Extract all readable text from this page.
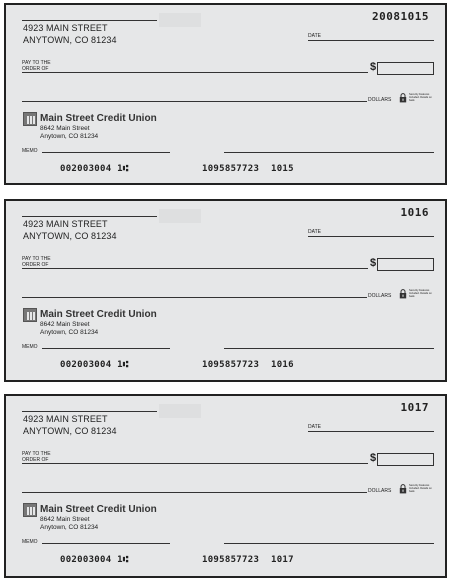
4923 MAIN STREET
ANYTOWN, CO 81234
20081015
DATE
PAY TO THE ORDER OF	$
DOLLARS
Security Features Included. Details on back.
Main Street Credit Union
8642 Main Street
Anytown, CO 81234
MEMO
002003004 1⑆	1095857723 1015
4923 MAIN STREET
ANYTOWN, CO 81234
1016
DATE
PAY TO THE ORDER OF	$
DOLLARS
Security Features Included. Details on back.
Main Street Credit Union
8642 Main Street
Anytown, CO 81234
MEMO
002003004 1⑆	1095857723 1016
4923 MAIN STREET
ANYTOWN, CO 81234
1017
DATE
PAY TO THE ORDER OF	$
DOLLARS
Security Features Included. Details on back.
Main Street Credit Union
8642 Main Street
Anytown, CO 81234
MEMO
002003004 1⑆	1095857723 1017
